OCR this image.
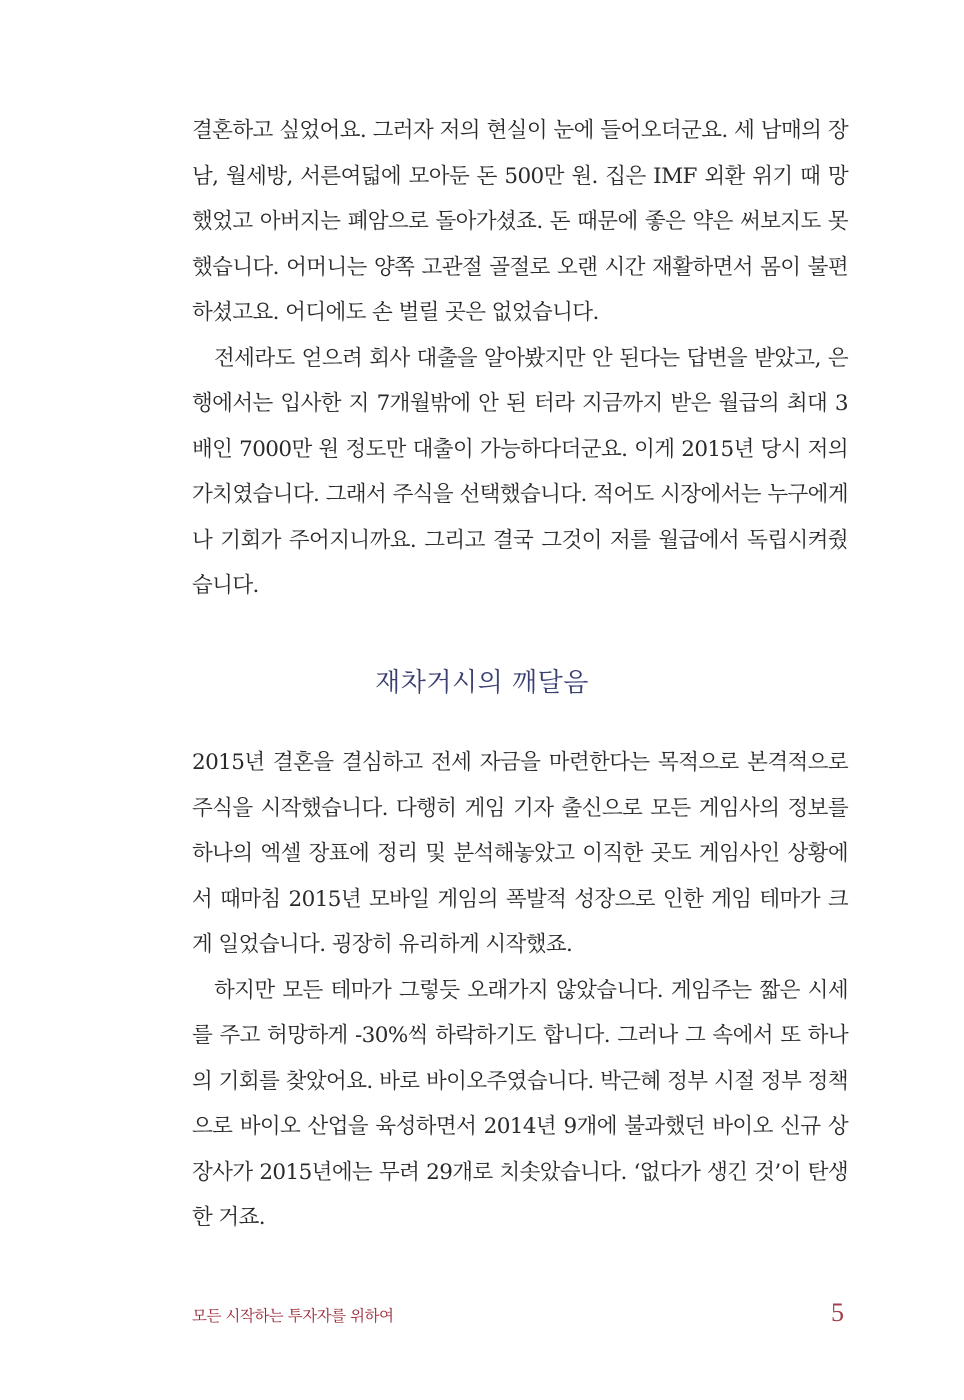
결혼하고 싶었어요. 그러자 저의 현실이 눈에 들어오더군요. 세 남매의 장남, 월세방, 서른여덟에 모아둔 돈 500만 원. 집은 IMF 외환 위기 때 망했었고 아버지는 폐암으로 돌아가셨죠. 돈 때문에 좋은 약은 써보지도 못했습니다. 어머니는 양쪽 고관절 골절로 오랜 시간 재활하면서 몸이 불편하셨고요. 어디에도 손 벌릴 곳은 없었습니다.

전세라도 얻으려 회사 대출을 알아봤지만 안 된다는 답변을 받았고, 은행에서는 입사한 지 7개월밖에 안 된 터라 지금까지 받은 월급의 최대 3배인 7000만 원 정도만 대출이 가능하다더군요. 이게 2015년 당시 저의 가치였습니다. 그래서 주식을 선택했습니다. 적어도 시장에서는 누구에게나 기회가 주어지니까요. 그리고 결국 그것이 저를 월급에서 독립시켜줬습니다.

재차거시의 깨달음

2015년 결혼을 결심하고 전세 자금을 마련한다는 목적으로 본격적으로 주식을 시작했습니다. 다행히 게임 기자 출신으로 모든 게임사의 정보를 하나의 엑셀 장표에 정리 및 분석해놓았고 이직한 곳도 게임사인 상황에서 때마침 2015년 모바일 게임의 폭발적 성장으로 인한 게임 테마가 크게 일었습니다. 굉장히 유리하게 시작했죠.

하지만 모든 테마가 그렇듯 오래가지 않았습니다. 게임주는 짧은 시세를 주고 허망하게 -30%씩 하락하기도 합니다. 그러나 그 속에서 또 하나의 기회를 찾았어요. 바로 바이오주였습니다. 박근혜 정부 시절 정부 정책으로 바이오 산업을 육성하면서 2014년 9개에 불과했던 바이오 신규 상장사가 2015년에는 무려 29개로 치솟았습니다. ‘없다가 생긴 것’이 탄생한 거죠.

모든 시작하는 투자자를 위하여	5
